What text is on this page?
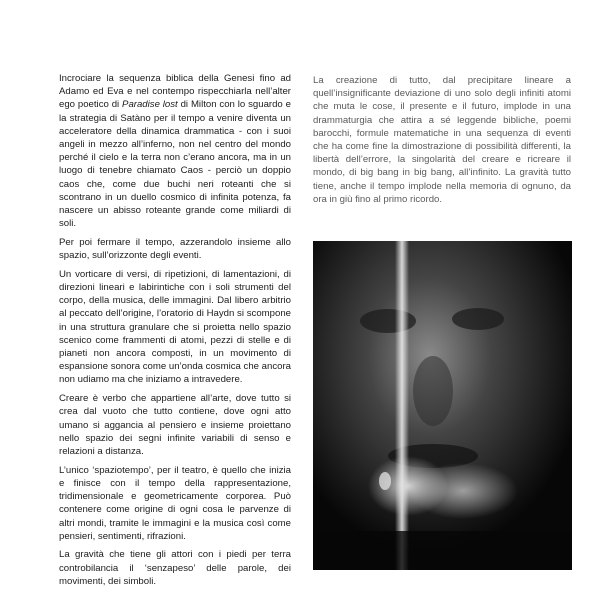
Incrociare la sequenza biblica della Genesi fino ad Adamo ed Eva e nel contempo rispecchiarla nell’alter ego poetico di Paradise lost di Milton con lo sguardo e la strategia di Satàno per il tempo a venire diventa un acceleratore della dinamica drammatica - con i suoi angeli in mezzo all’inferno, non nel centro del mondo perché il cielo e la terra non c’erano ancora, ma in un luogo di tenebre chiamato Caos - perciò un doppio caos che, come due buchi neri roteanti che si scontrano in un duello cosmico di infinita potenza, fa nascere un abisso roteante grande come miliardi di soli.

Per poi fermare il tempo, azzerandolo insieme allo spazio, sull’orizzonte degli eventi.

Un vorticare di versi, di ripetizioni, di lamentazioni, di direzioni lineari e labirintiche con i soli strumenti del corpo, della musica, delle immagini. Dal libero arbitrio al peccato dell’origine, l’oratorio di Haydn si scompone in una struttura granulare che si proietta nello spazio scenico come frammenti di atomi, pezzi di stelle e di pianeti non ancora composti, in un movimento di espansione sonora come un’onda cosmica che ancora non udiamo ma che iniziamo a intravedere.

Creare è verbo che appartiene all’arte, dove tutto si crea dal vuoto che tutto contiene, dove ogni atto umano si aggancia al pensiero e insieme proiettano nello spazio dei segni infinite variabili di senso e relazioni a distanza.

L’unico ‘spaziotempo’, per il teatro, è quello che inizia e finisce con il tempo della rappresentazione, tridimensionale e geometricamente corporea. Può contenere come origine di ogni cosa le parvenze di altri mondi, tramite le immagini e la musica così come pensieri, sentimenti, rifrazioni.

La gravità che tiene gli attori con i piedi per terra controbilancia il ‘senzapeso’ delle parole, dei movimenti, dei simboli.

La creazione di tutto, dal precipitare lineare a quell’insignificante deviazione di uno solo degli infiniti atomi che muta le cose, il presente e il futuro, implode in una drammaturgia che attira a sé leggende bibliche, poemi barocchi, formule matematiche in una sequenza di eventi che ha come fine la dimostrazione di possibilità differenti, la libertà dell’errore, la singolarità del creare e ricreare il mondo, di big bang in big bang, all’infinito. La gravità tutto tiene, anche il tempo implode nella memoria di ognuno, da ora in giù fino al primo ricordo.
